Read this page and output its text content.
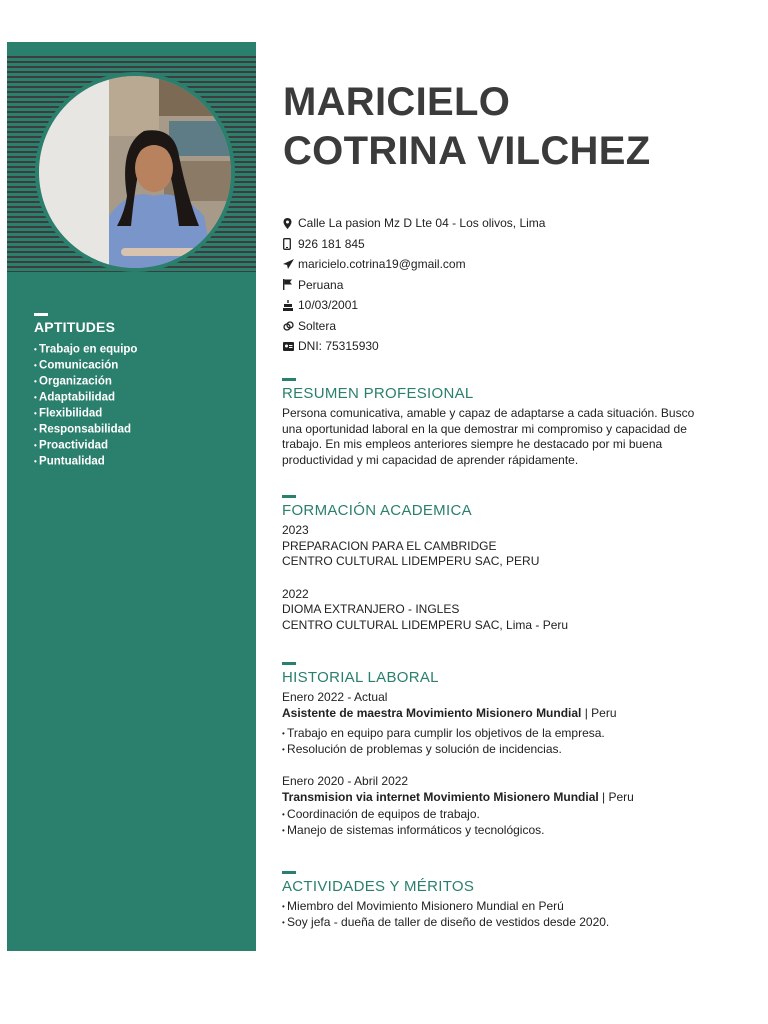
APTITUDES
• Trabajo en equipo
• Comunicación
• Organización
• Adaptabilidad
• Flexibilidad
• Responsabilidad
• Proactividad
• Puntualidad
MARICIELO
COTRINA VILCHEZ
Calle La pasion Mz D Lte 04 - Los olivos, Lima
926 181 845
maricielo.cotrina19@gmail.com
Peruana
10/03/2001
Soltera
DNI: 75315930
RESUMEN PROFESIONAL
Persona comunicativa, amable y capaz de adaptarse a cada situación. Busco
una oportunidad laboral en la que demostrar mi compromiso y capacidad de
trabajo. En mis empleos anteriores siempre he destacado por mi buena
productividad y mi capacidad de aprender rápidamente.
FORMACIÓN ACADEMICA
2023
PREPARACION PARA EL CAMBRIDGE
CENTRO CULTURAL LIDEMPERU SAC, PERU
2022
DIOMA EXTRANJERO - INGLES
CENTRO CULTURAL LIDEMPERU SAC, Lima - Peru
HISTORIAL LABORAL
Enero 2022 - Actual
Asistente de maestra Movimiento Misionero Mundial | Peru
• Trabajo en equipo para cumplir los objetivos de la empresa.
• Resolución de problemas y solución de incidencias.
Enero 2020 - Abril 2022
Transmision via internet Movimiento Misionero Mundial | Peru
• Coordinación de equipos de trabajo.
• Manejo de sistemas informáticos y tecnológicos.
ACTIVIDADES Y MÉRITOS
• Miembro del Movimiento Misionero Mundial en Perú
• Soy jefa - dueña de taller de diseño de vestidos desde 2020.
